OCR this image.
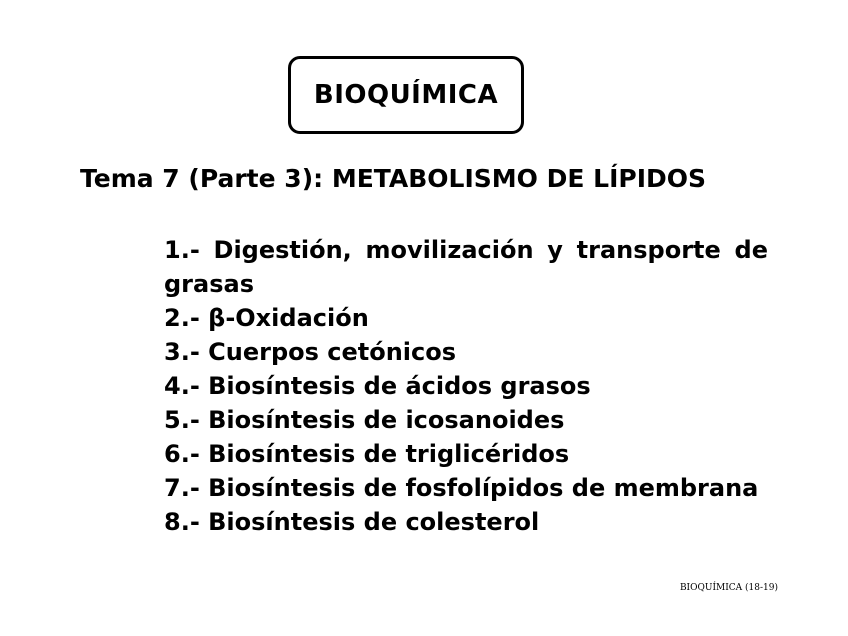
BIOQUÍMICA
Tema 7 (Parte 3): METABOLISMO DE LÍPIDOS
1.- Digestión, movilización y transporte de grasas
2.- β-Oxidación
3.- Cuerpos cetónicos
4.- Biosíntesis de ácidos grasos
5.- Biosíntesis de icosanoides
6.- Biosíntesis de triglicéridos
7.- Biosíntesis de fosfolípidos de membrana
8.- Biosíntesis de colesterol
BIOQUÍMICA (18-19)
